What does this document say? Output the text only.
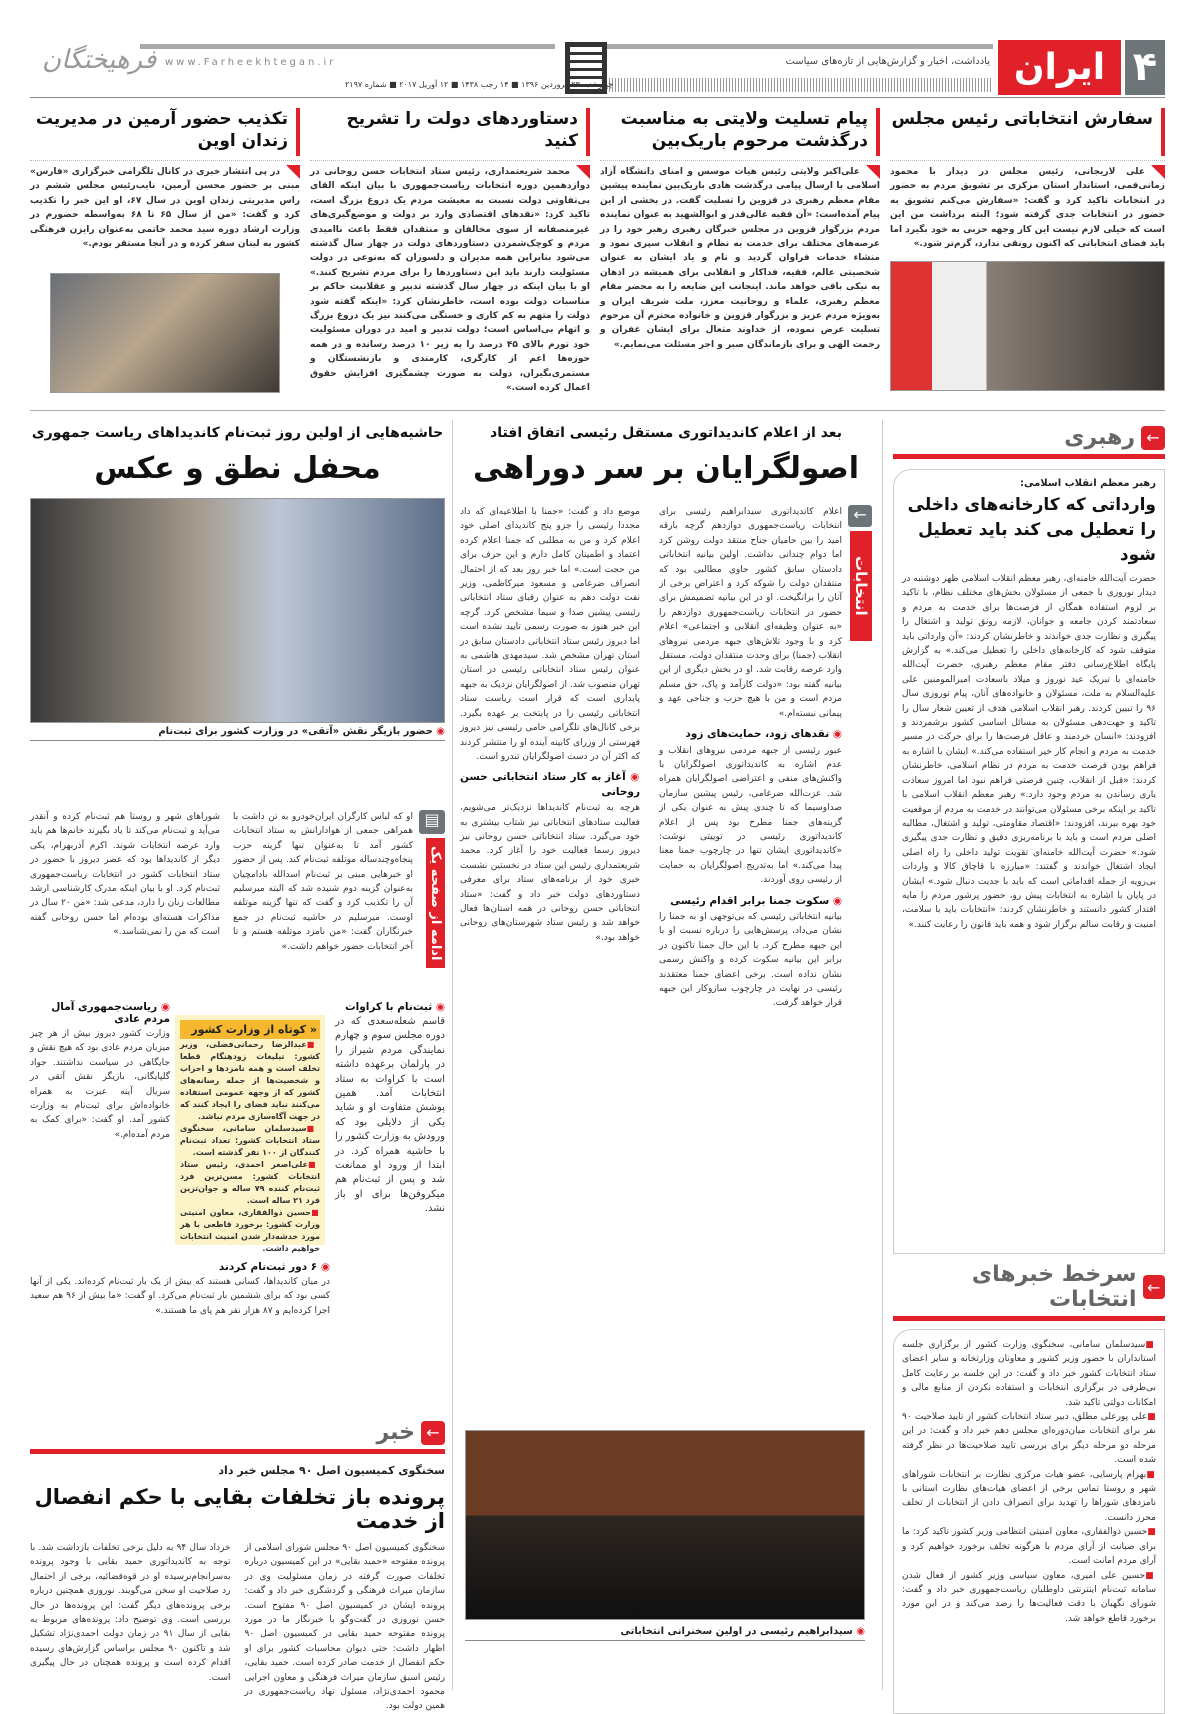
۴
ایران
یادداشت، اخبار و گزارش‌هایی از تازه‌های سیاست
www.Farheekhtegan.ir
چهارشنبه ۲۳ فروردین ۱۳۹۶ ■ ۱۴ رجب ۱۴۳۸ ■ ۱۲ آوریل ۲۰۱۷ ■ شماره ۲۱۹۷
فرهیختگان
سفارش انتخاباتی رئیس مجلس
علی لاریجانی، رئیس مجلس در دیدار با محمود زمانی‌قمی، استاندار استان مرکزی بر تشویق مردم به حضور در انتخابات تاکید کرد و گفت: «سفارش می‌کنم تشویق به حضور در انتخابات جدی گرفته شود؛ البته برداشت من این است که خیلی لازم نیست این کار وجهه حزبی به خود بگیرد اما باید فضای انتخاباتی که اکنون رونقی ندارد، گرم‌تر شود.»
پیام تسلیت ولایتی به مناسبت درگذشت مرحوم باریک‌بین
علی‌اکبر ولایتی رئیس هیات موسس و امنای دانشگاه آزاد اسلامی با ارسال پیامی درگذشت هادی باریک‌بین نماینده پیشین مقام معظم رهبری در قزوین را تسلیت گفت. در بخشی از این پیام آمده‌است: «آن فقیه عالی‌قدر و ابوالشهید به عنوان نماینده مردم بزرگوار قزوین در مجلس خبرگان رهبری رهبر خود را در عرصه‌های مختلف برای خدمت به نظام و انقلاب سپری نمود و منشاء خدمات فراوان گردید و نام و یاد ایشان به عنوان شخصیتی عالم، فقیه، فداکار و انقلابی برای همیشه در اذهان به نیکی باقی خواهد ماند. اینجانب این ضایعه را به محضر مقام معظم رهبری، علماء و روحانیت معزز، ملت شریف ایران و به‌ویژه مردم عزیز و بزرگوار قزوین و خانواده محترم آن مرحوم تسلیت عرض نموده، از خداوند متعال برای ایشان غفران و رحمت الهی و برای بازماندگان صبر و اجر مسئلت می‌نمایم.»
دستاوردهای دولت را تشریح کنید
محمد شریعتمداری، رئیس ستاد انتخابات حسن روحانی در دوازدهمین دوره انتخابات ریاست‌جمهوری با بیان اینکه القای بی‌تفاوتی دولت نسبت به معیشت مردم یک دروغ بزرگ است، تاکید کرد: «نقدهای اقتصادی وارد بر دولت و موضع‌گیری‌های غیرمنصفانه از سوی مخالفان و منتقدان فقط باعث ناامیدی مردم و کوچک‌شمردن دستاوردهای دولت در چهار سال گذشته می‌شود بنابراین همه مدیران و دلسوزان که به‌نوعی در دولت مسئولیت دارند باید این دستاوردها را برای مردم تشریح کنند.» او با بیان اینکه در چهار سال گذشته تدبیر و عقلانیت حاکم بر مناسبات دولت بوده است، خاطرنشان کرد: «اینکه گفته شود دولت را متهم به کم کاری و خستگی می‌کنند نیز یک دروغ بزرگ و اتهام بی‌اساس است؛ دولت تدبیر و امید در دوران مسئولیت خود تورم بالای ۴۵ درصد را به زیر ۱۰ درصد رسانده و در همه حوزه‌ها اعم از کارگری، کارمندی و بازنشستگان و مستمری‌بگیران، دولت به صورت چشمگیری افزایش حقوق اعمال کرده است.»
تکذیب حضور آرمین در مدیریت زندان اوین
در پی انتشار خبری در کانال تلگرامی خبرگزاری «فارس» مبنی بر حضور محسن آرمین، نایب‌رئیس مجلس ششم در راس مدیریتی زندان اوین در سال ۶۷، او این خبر را تکذیب کرد و گفت: «من از سال ۶۵ تا ۶۸ به‌واسطه حضورم در وزارت ارشاد دوره سید محمد خاتمی به‌عنوان رایزن فرهنگی کشور به لبنان سفر کرده و در آنجا مستقر بودم.»
←
رهبری
رهبر معظم انقلاب اسلامی:
وارداتی که کارخانه‌های داخلی را تعطیل می کند باید تعطیل شود
حضرت آیت‌الله خامنه‌ای، رهبر معظم انقلاب اسلامی ظهر دوشنبه در دیدار نوروزی با جمعی از مسئولان بخش‌های مختلف نظام، با تاکید بر لزوم استفاده همگان از فرصت‌ها برای خدمت به مردم و سعادتمند کردن جامعه و جوانان، لازمه رونق تولید و اشتغال را پیگیری و نظارت جدی خواندند و خاطرنشان کردند: «آن وارداتی باید متوقف شود که کارخانه‌های داخلی را تعطیل می‌کند.» به گزارش پایگاه اطلاع‌رسانی دفتر مقام معظم رهبری، حضرت آیت‌الله خامنه‌ای با تبریک عید نوروز و میلاد باسعادت امیرالمومنین علی علیه‌السلام به ملت، مسئولان و خانواده‌های آنان، پیام نوروزی سال ۹۶ را تبیین کردند. رهبر انقلاب اسلامی هدف از تعیین شعار سال را تاکید و جهت‌دهی مسئولان به مسائل اساسی کشور برشمردند و افزودند: «انسان خردمند و عاقل فرصت‌ها را برای حرکت در مسیر خدمت به مردم و انجام کار خیر استفاده می‌کند.» ایشان با اشاره به فراهم بودن فرصت خدمت به مردم در نظام اسلامی، خاطرنشان کردند: «قبل از انقلاب، چنین فرصتی فراهم نبود اما امروز سعادت یاری رساندن به مردم وجود دارد.» رهبر معظم انقلاب اسلامی با تاکید بر اینکه برخی مسئولان می‌توانند در خدمت به مردم از موقعیت خود بهره ببرند، افزودند: «اقتصاد مقاومتی، تولید و اشتغال، مطالبه اصلی مردم است و باید با برنامه‌ریزی دقیق و نظارت جدی پیگیری شود.» حضرت آیت‌الله خامنه‌ای تقویت تولید داخلی را راه اصلی ایجاد اشتغال خواندند و گفتند: «مبارزه با قاچاق کالا و واردات بی‌رویه از جمله اقداماتی است که باید با جدیت دنبال شود.» ایشان در پایان با اشاره به انتخابات پیش رو، حضور پرشور مردم را مایه اقتدار کشور دانستند و خاطرنشان کردند: «انتخابات باید با سلامت، امنیت و رقابت سالم برگزار شود و همه باید قانون را رعایت کنند.»
←
سرخط خبرهای انتخابات

■سیدسلمان سامانی، سخنگوی وزارت کشور از برگزاری جلسه استانداران با حضور وزیر کشور و معاونان وزارتخانه و سایر اعضای ستاد انتخابات کشور خبر داد و گفت: در این جلسه بر رعایت کامل بی‌طرفی در برگزاری انتخابات و استفاده نکردن از منابع مالی و امکانات دولتی تاکید شد.

■علی پورعلی مطلق، دبیر ستاد انتخابات کشور از تایید صلاحیت ۹۰ نفر برای انتخابات میان‌دوره‌ای مجلس دهم خبر داد و گفت: در این مرحله دو مرحله دیگر برای بررسی تایید صلاحیت‌ها در نظر گرفته شده است.

■بهرام پارسایی، عضو هیات مرکزی نظارت بر انتخابات شوراهای شهر و روستا تماس برخی از اعضای هیات‌های نظارت استانی با نامزدهای شوراها را تهدید برای انصراف دادن از انتخابات از تخلف محرز دانست.

■حسین ذوالفقاری، معاون امنیتی انتظامی وزیر کشور تاکید کرد: ما برای صیانت از آرای مردم با هرگونه تخلف برخورد خواهیم کرد و آرای مردم امانت است.

■حسین علی امیری، معاون سیاسی وزیر کشور از فعال شدن سامانه ثبت‌نام اینترنتی داوطلبان ریاست‌جمهوری خبر داد و گفت: شورای نگهبان با دقت فعالیت‌ها را رصد می‌کند و در این مورد برخورد قاطع خواهد شد.

بعد از اعلام کاندیداتوری مستقل رئیسی اتفاق افتاد
اصولگرایان بر سر دوراهی
←
انتخابات

اعلام کاندیداتوری سیدابراهیم رئیسی برای انتخابات ریاست‌جمهوری دوازدهم گرچه بارقه امید را بین حامیان جناح منتقد دولت روشن کرد اما دوام چندانی نداشت. اولین بیانیه انتخاباتی دادستان سابق کشور حاوی مطالبی بود که منتقدان دولت را شوکه کرد و اعتراض برخی از آنان را برانگیخت. او در این بیانیه تصمیمش برای حضور در انتخابات ریاست‌جمهوری دوازدهم را «به عنوان وظیفه‌ای انقلابی و اجتماعی» اعلام کرد و با وجود تلاش‌های جبهه مردمی نیروهای انقلاب (جمنا) برای وحدت منتقدان دولت، مستقل وارد عرصه رقابت شد. او در بخش دیگری از این بیانیه گفته بود: «دولت کارآمد و پاک، حق مسلم مردم است و من با هیچ حزب و جناحی عهد و پیمانی نبسته‌ام.»

◉ نقدهای زود، حمایت‌های زود

عبور رئیسی از جبهه مردمی نیروهای انقلاب و عدم اشاره به کاندیداتوری اصولگرایان با واکنش‌های منفی و اعتراضی اصولگرایان همراه شد. عزت‌الله ضرغامی، رئیس پیشین سازمان صداوسیما که تا چندی پیش به عنوان یکی از گزینه‌های جمنا مطرح بود پس از اعلام کاندیداتوری رئیسی در توییتی نوشت: «کاندیداتوری ایشان تنها در چارچوب جمنا معنا پیدا می‌کند.» اما به‌تدریج اصولگرایان به حمایت از رئیسی روی آوردند.

◉ سکوت جمنا برابر اقدام رئیسی

بیانیه انتخاباتی رئیسی که بی‌توجهی او به جمنا را نشان می‌داد، پرسش‌هایی را درباره نسبت او با این جبهه مطرح کرد. با این حال جمنا تاکنون در برابر این بیانیه سکوت کرده و واکنش رسمی نشان نداده است. برخی اعضای جمنا معتقدند رئیسی در نهایت در چارچوب سازوکار این جبهه قرار خواهد گرفت.

موضع داد و گفت: «جمنا با اطلاعیه‌ای که داد مجددا رئیسی را جزو پنج کاندیدای اصلی خود اعلام کرد و من به مطلبی که جمنا اعلام کرده اعتماد و اطمینان کامل دارم و این حرف برای من حجت است.» اما خبر روز بعد که از احتمال انصراف ضرغامی و مسعود میرکاظمی، وزیر نفت دولت دهم به عنوان رقبای ستاد انتخاباتی رئیسی پیشین صدا و سیما مشخص کرد. گرچه این خبر هنوز به صورت رسمی تایید نشده است اما دیروز رئیس ستاد انتخاباتی دادستان سابق در استان تهران مشخص شد. سیدمهدی هاشمی به عنوان رئیس ستاد انتخاباتی رئیسی در استان تهران منصوب شد. از اصولگرایان نزدیک به جبهه پایداری است که قرار است ریاست ستاد انتخاباتی رئیسی را در پایتخت بر عهده بگیرد. برخی کانال‌های تلگرامی حامی رئیسی نیز دیروز فهرستی از وزرای کابینه آینده او را منتشر کردند که اکثر آن در دست اصولگرایان تندرو است.

◉ آغاز به کار ستاد انتخاباتی حسن روحانی

هرچه به ثبت‌نام کاندیداها نزدیک‌تر می‌شویم، فعالیت ستادهای انتخاباتی نیز شتاب بیشتری به خود می‌گیرد. ستاد انتخاباتی حسن روحانی نیز دیروز رسما فعالیت خود را آغاز کرد. محمد شریعتمداری رئیس این ستاد در نخستین نشست خبری خود از برنامه‌های ستاد برای معرفی دستاوردهای دولت خبر داد و گفت: «ستاد انتخاباتی حسن روحانی در همه استان‌ها فعال خواهد شد و رئیس ستاد شهرستان‌های روحانی خواهد بود.»

◉ سیدابراهیم رئیسی در اولین سخنرانی انتخاباتی
حاشیه‌هایی از اولین روز ثبت‌نام کاندیداهای ریاست جمهوری
محفل نطق و عکس
◉ حضور بازیگر نقش «آتقی» در وزارت کشور برای ثبت‌نام
▤
ادامه از صفحه یک
او که لباس کارگران ایران‌خودرو به تن داشت با همراهی جمعی از هوادارانش به ستاد انتخابات کشور آمد تا به‌عنوان تنها گزینه حزب پنجاه‌وچندساله موتلفه ثبت‌نام کند. پس از حضور او خبرهایی مبنی بر ثبت‌نام اسدالله بادامچیان به‌عنوان گزینه دوم شنیده شد که البته میرسلیم آن را تکذیب کرد و گفت که تنها گزینه موتلفه اوست. میرسلیم در حاشیه ثبت‌نام در جمع خبرنگاران گفت: «من نامزد موتلفه هستم و تا آخر انتخابات حضور خواهم داشت.»
شوراهای شهر و روستا هم ثبت‌نام کرده و آنقدر می‌آید و ثبت‌نام می‌کند تا یاد بگیرند خانم‌ها هم باید وارد عرصه انتخابات شوند. اکرم آذربهرام، یکی دیگر از کاندیداها بود که عصر دیروز با حضور در ستاد انتخابات کشور در انتخابات ریاست‌جمهوری ثبت‌نام کرد. او با بیان اینکه مدرک کارشناسی ارشد مطالعات زنان را دارد، مدعی شد: «من ۲۰ سال در مذاکرات هسته‌ای بوده‌ام اما حسن روحانی گفته است که من را نمی‌شناسد.»
◉ ثبت‌نام با کراوات
قاسم شعله‌سعدی که در دوره مجلس سوم و چهارم نمایندگی مردم شیراز را در پارلمان برعهده داشته است با کراوات به ستاد انتخابات آمد. همین پوشش متفاوت او و شاید یکی از دلایلی بود که ورودش به وزارت کشور را با حاشیه همراه کرد. در ابتدا از ورود او ممانعت شد و پس از ثبت‌نام هم میکروفن‌ها برای او باز نشد.
« کوتاه از وزارت کشور

■عبدالرضا رحمانی‌فضلی، وزیر کشور: تبلیغات زودهنگام قطعا تخلف است و همه نامزدها و احزاب و شخصیت‌ها از جمله رسانه‌های کشور که از وجهه عمومی استفاده می‌کنند نباید فضای را ایجاد کنند که در جهت آگاه‌سازی مردم نباشد.

■سیدسلمان سامانی، سخنگوی ستاد انتخابات کشور: تعداد ثبت‌نام کنندگان از ۱۰۰ نفر گذشته است.

■علی‌اصغر احمدی، رئیس ستاد انتخابات کشور: مسن‌ترین فرد ثبت‌نام کننده ۷۹ ساله و جوان‌ترین فرد ۲۱ ساله است.

■حسین ذوالفقاری، معاون امنیتی وزارت کشور: برخورد قاطعی با هر مورد خدشه‌دار شدن امنیت انتخابات خواهیم داشت.

◉ ریاست‌جمهوری آمال مردم عادی
وزارت کشور دیروز بیش از هر چیز میزبان مردم عادی بود که هیچ نقش و جایگاهی در سیاست نداشتند. جواد گلپایگانی، بازیگر نقش آتقی در سریال آینه عبرت به همراه خانواده‌اش برای ثبت‌نام به وزارت کشور آمد. او گفت: «برای کمک به مردم آمده‌ام.»
◉ ۶ دور ثبت‌نام کردند
در میان کاندیداها، کسانی هستند که بیش از یک بار ثبت‌نام کرده‌اند. یکی از آنها کسی بود که برای ششمین بار ثبت‌نام می‌کرد. او گفت: «ما بیش از ۹۶ هم سعید اجرا کرده‌ایم و ۸۷ هزار نفر هم پای ما هستند.»
←
خبر
سخنگوی کمیسیون اصل ۹۰ مجلس خبر داد
پرونده باز تخلفات بقایی با حکم انفصال از خدمت
سخنگوی کمیسیون اصل ۹۰ مجلس شورای اسلامی از پرونده مفتوحه «حمید بقایی» در این کمیسیون درباره تخلفات صورت گرفته در زمان مسئولیت وی در سازمان میراث فرهنگی و گردشگری خبر داد و گفت: پرونده ایشان در کمیسیون اصل ۹۰ مفتوح است. حسن نوروزی در گفت‌وگو با خبرنگار ما در مورد پرونده مفتوحه حمید بقایی در کمیسیون اصل ۹۰ اظهار داشت: حتی دیوان محاسبات کشور برای او حکم انفصال از خدمت صادر کرده است. حمید بقایی، رئیس اسبق سازمان میراث فرهنگی و معاون اجرایی محمود احمدی‌نژاد، مسئول نهاد ریاست‌جمهوری در همین دولت بود.
خرداد سال ۹۴ به دلیل برخی تخلفات بازداشت شد. با توجه به کاندیداتوری حمید بقایی با وجود پرونده به‌سرانجام‌نرسیده او در قوه‌قضائیه، برخی از احتمال رد صلاحیت او سخن می‌گویند. نوروزی همچنین درباره برخی پرونده‌های دیگر گفت: این پرونده‌ها در حال بررسی است. وی توضیح داد: پرونده‌های مربوط به بقایی از سال ۹۱ در زمان دولت احمدی‌نژاد تشکیل شد و تاکنون ۹۰ مجلس براساس گزارش‌های رسیده اقدام کرده است و پرونده همچنان در حال پیگیری است.
